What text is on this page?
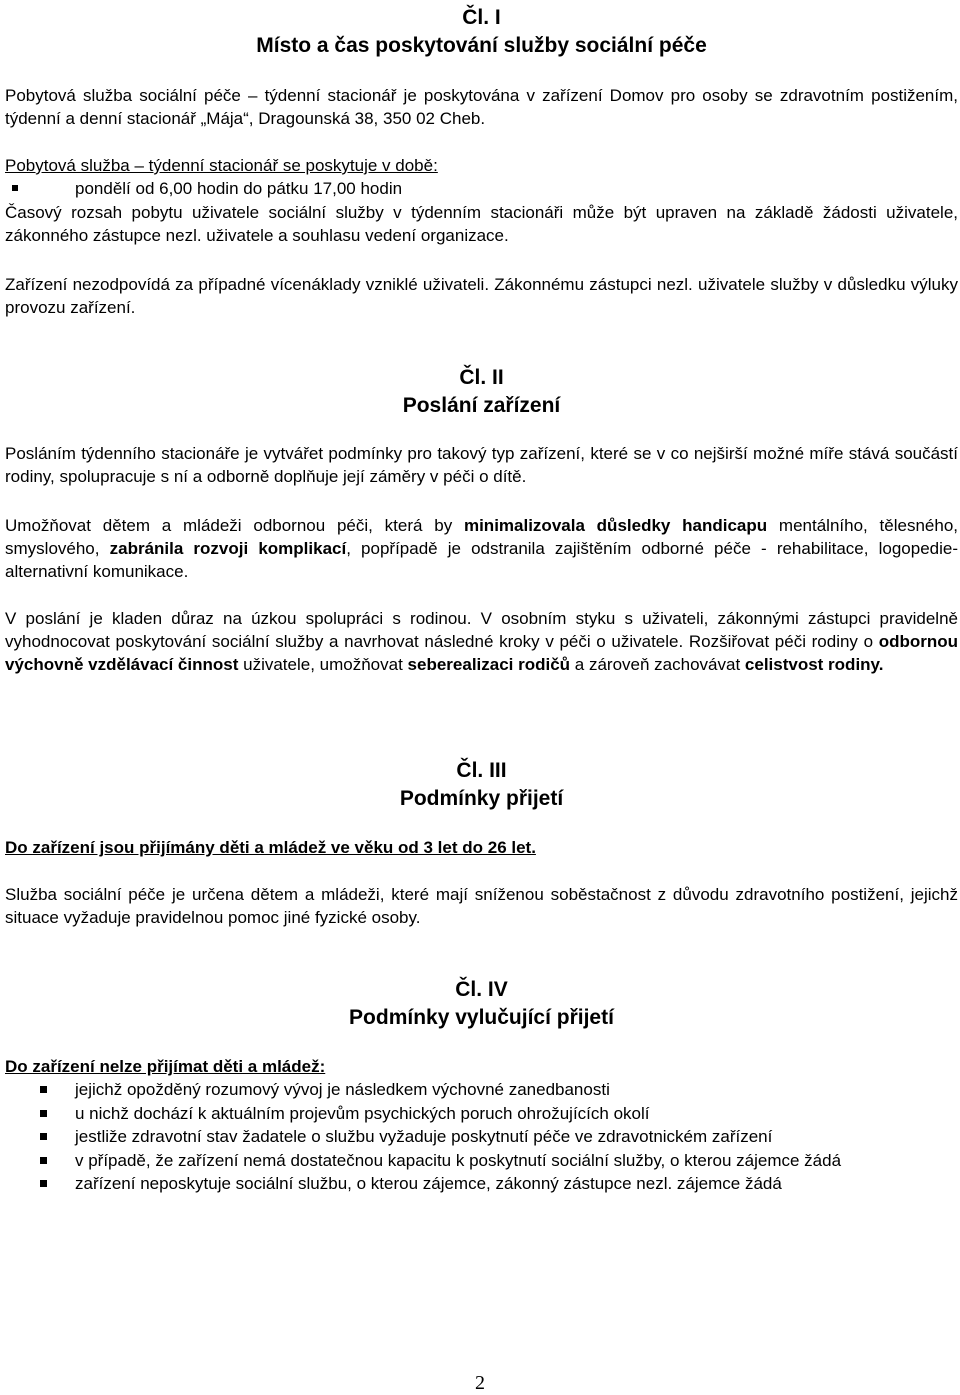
Čl. I

Místo a čas poskytování služby sociální péče

Pobytová služba sociální péče – týdenní stacionář je poskytována v zařízení Domov pro osoby se zdravotním postižením, týdenní a denní stacionář „Mája“, Dragounská 38, 350 02 Cheb.

Pobytová služba – týdenní stacionář se poskytuje v době:

pondělí od 6,00 hodin do pátku 17,00 hodin

Časový rozsah pobytu uživatele sociální služby v týdenním stacionáři může být upraven na základě žádosti uživatele, zákonného zástupce nezl. uživatele a souhlasu vedení organizace.

Zařízení nezodpovídá za případné vícenáklady vzniklé uživateli. Zákonnému zástupci nezl. uživatele služby v důsledku výluky provozu zařízení.

Čl. II

Poslání zařízení

Posláním týdenního stacionáře je vytvářet podmínky pro takový typ zařízení, které se v co nejširší možné míře stává součástí rodiny, spolupracuje s ní a odborně doplňuje její záměry v péči o dítě.

Umožňovat dětem a mládeži odbornou péči, která by minimalizovala důsledky handicapu mentálního, tělesného, smyslového, zabránila rozvoji komplikací, popřípadě je odstranila zajištěním odborné péče - rehabilitace, logopedie- alternativní komunikace.

V poslání je kladen důraz na úzkou spolupráci s rodinou. V osobním styku s uživateli, zákonnými zástupci pravidelně vyhodnocovat poskytování sociální služby a navrhovat následné kroky v péči o uživatele. Rozšiřovat péči rodiny o odbornou výchovně vzdělávací činnost uživatele, umožňovat seberealizaci rodičů a zároveň zachovávat celistvost rodiny.

Čl. III

Podmínky přijetí

Do zařízení jsou přijímány děti a mládež ve věku od 3 let do 26 let.

Služba sociální péče je určena dětem a mládeži, které mají sníženou soběstačnost z důvodu zdravotního postižení, jejichž situace vyžaduje pravidelnou pomoc jiné fyzické osoby.

Čl. IV

Podmínky vylučující přijetí

Do zařízení nelze přijímat děti a mládež:

jejichž opožděný rozumový vývoj je následkem výchovné zanedbanosti
u nichž dochází k aktuálním projevům psychických poruch ohrožujících okolí
jestliže zdravotní stav žadatele o službu vyžaduje poskytnutí péče ve zdravotnickém zařízení
v případě, že zařízení nemá dostatečnou kapacitu k poskytnutí sociální služby, o kterou zájemce žádá
zařízení neposkytuje sociální službu, o kterou zájemce, zákonný zástupce nezl. zájemce žádá
2
